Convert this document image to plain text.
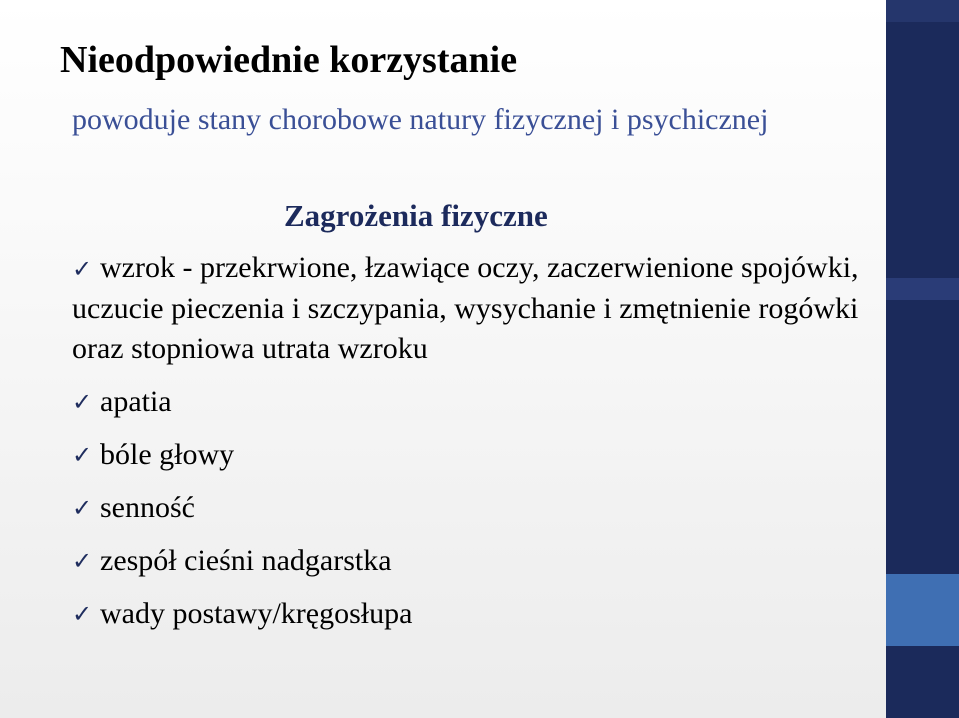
Nieodpowiednie korzystanie

powoduje stany chorobowe natury fizycznej i psychicznej

Zagrożenia fizyczne
✓ wzrok - przekrwione, łzawiące oczy, zaczerwienione spojówki, uczucie pieczenia i szczypania, wysychanie i zmętnienie rogówki oraz stopniowa utrata wzroku
✓ apatia
✓ bóle głowy
✓ senność
✓ zespół cieśni nadgarstka
✓ wady postawy/kręgosłupa
